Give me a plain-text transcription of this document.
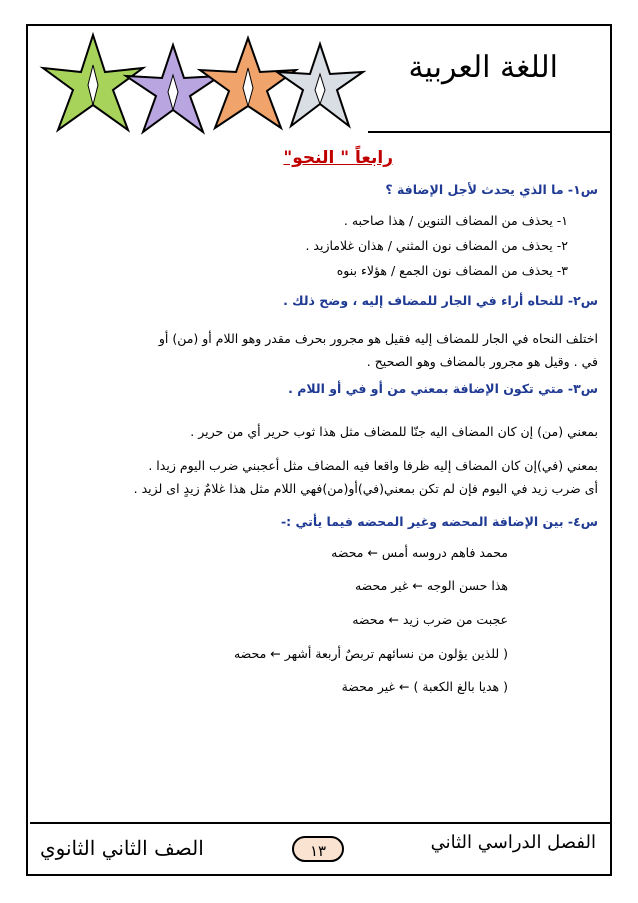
اللغة العربية
رابعاً " النحو"
س١- ما الذي يحدث لأجل الإضافة ؟
١- يحذف من المضاف التنوين / هذا صاحبه .
٢- يحذف من المضاف نون المثني / هذان غلامازيد .
٣- يحذف من المضاف نون الجمع / هؤلاء بنوه
س٢- للنحاه أراء في الجار للمضاف إليه ، وضح ذلك .
اختلف النحاه في الجار للمضاف إليه فقيل هو مجرور بحرف مقدر وهو اللام أو (من) أو
في . وقيل هو مجرور بالمضاف وهو الصحيح .
س٣- متي تكون الإضافة بمعني من أو في أو اللام .
بمعني (من) إن كان المضاف اليه جنّا للمضاف مثل هذا ثوب حرير أي من حرير .
بمعني (في)إن كان المضاف إليه ظرفا واقعا فيه المضاف مثل أعجبني ضرب اليوم زيدا .
أى ضرب زيد في اليوم فإن لم تكن بمعني(في)أو(من)فهي اللام مثل هذا غلامٌ زيدٍ اى لزيد .
س٤- بين الإضافة المحضه وغير المحضه فيما يأتي :-
محمد فاهم دروسه أمس ← محضه
هذا حسن الوجه ← غير محضه
عجبت من ضرب زيد ← محضه
( للذين يؤلون من نسائهم تربصٌ أربعة أشهر ← محضه
( هديا بالغ الكعبة ) ← غير محضة
الفصل الدراسي الثاني
١٣
الصف الثاني الثانوي
